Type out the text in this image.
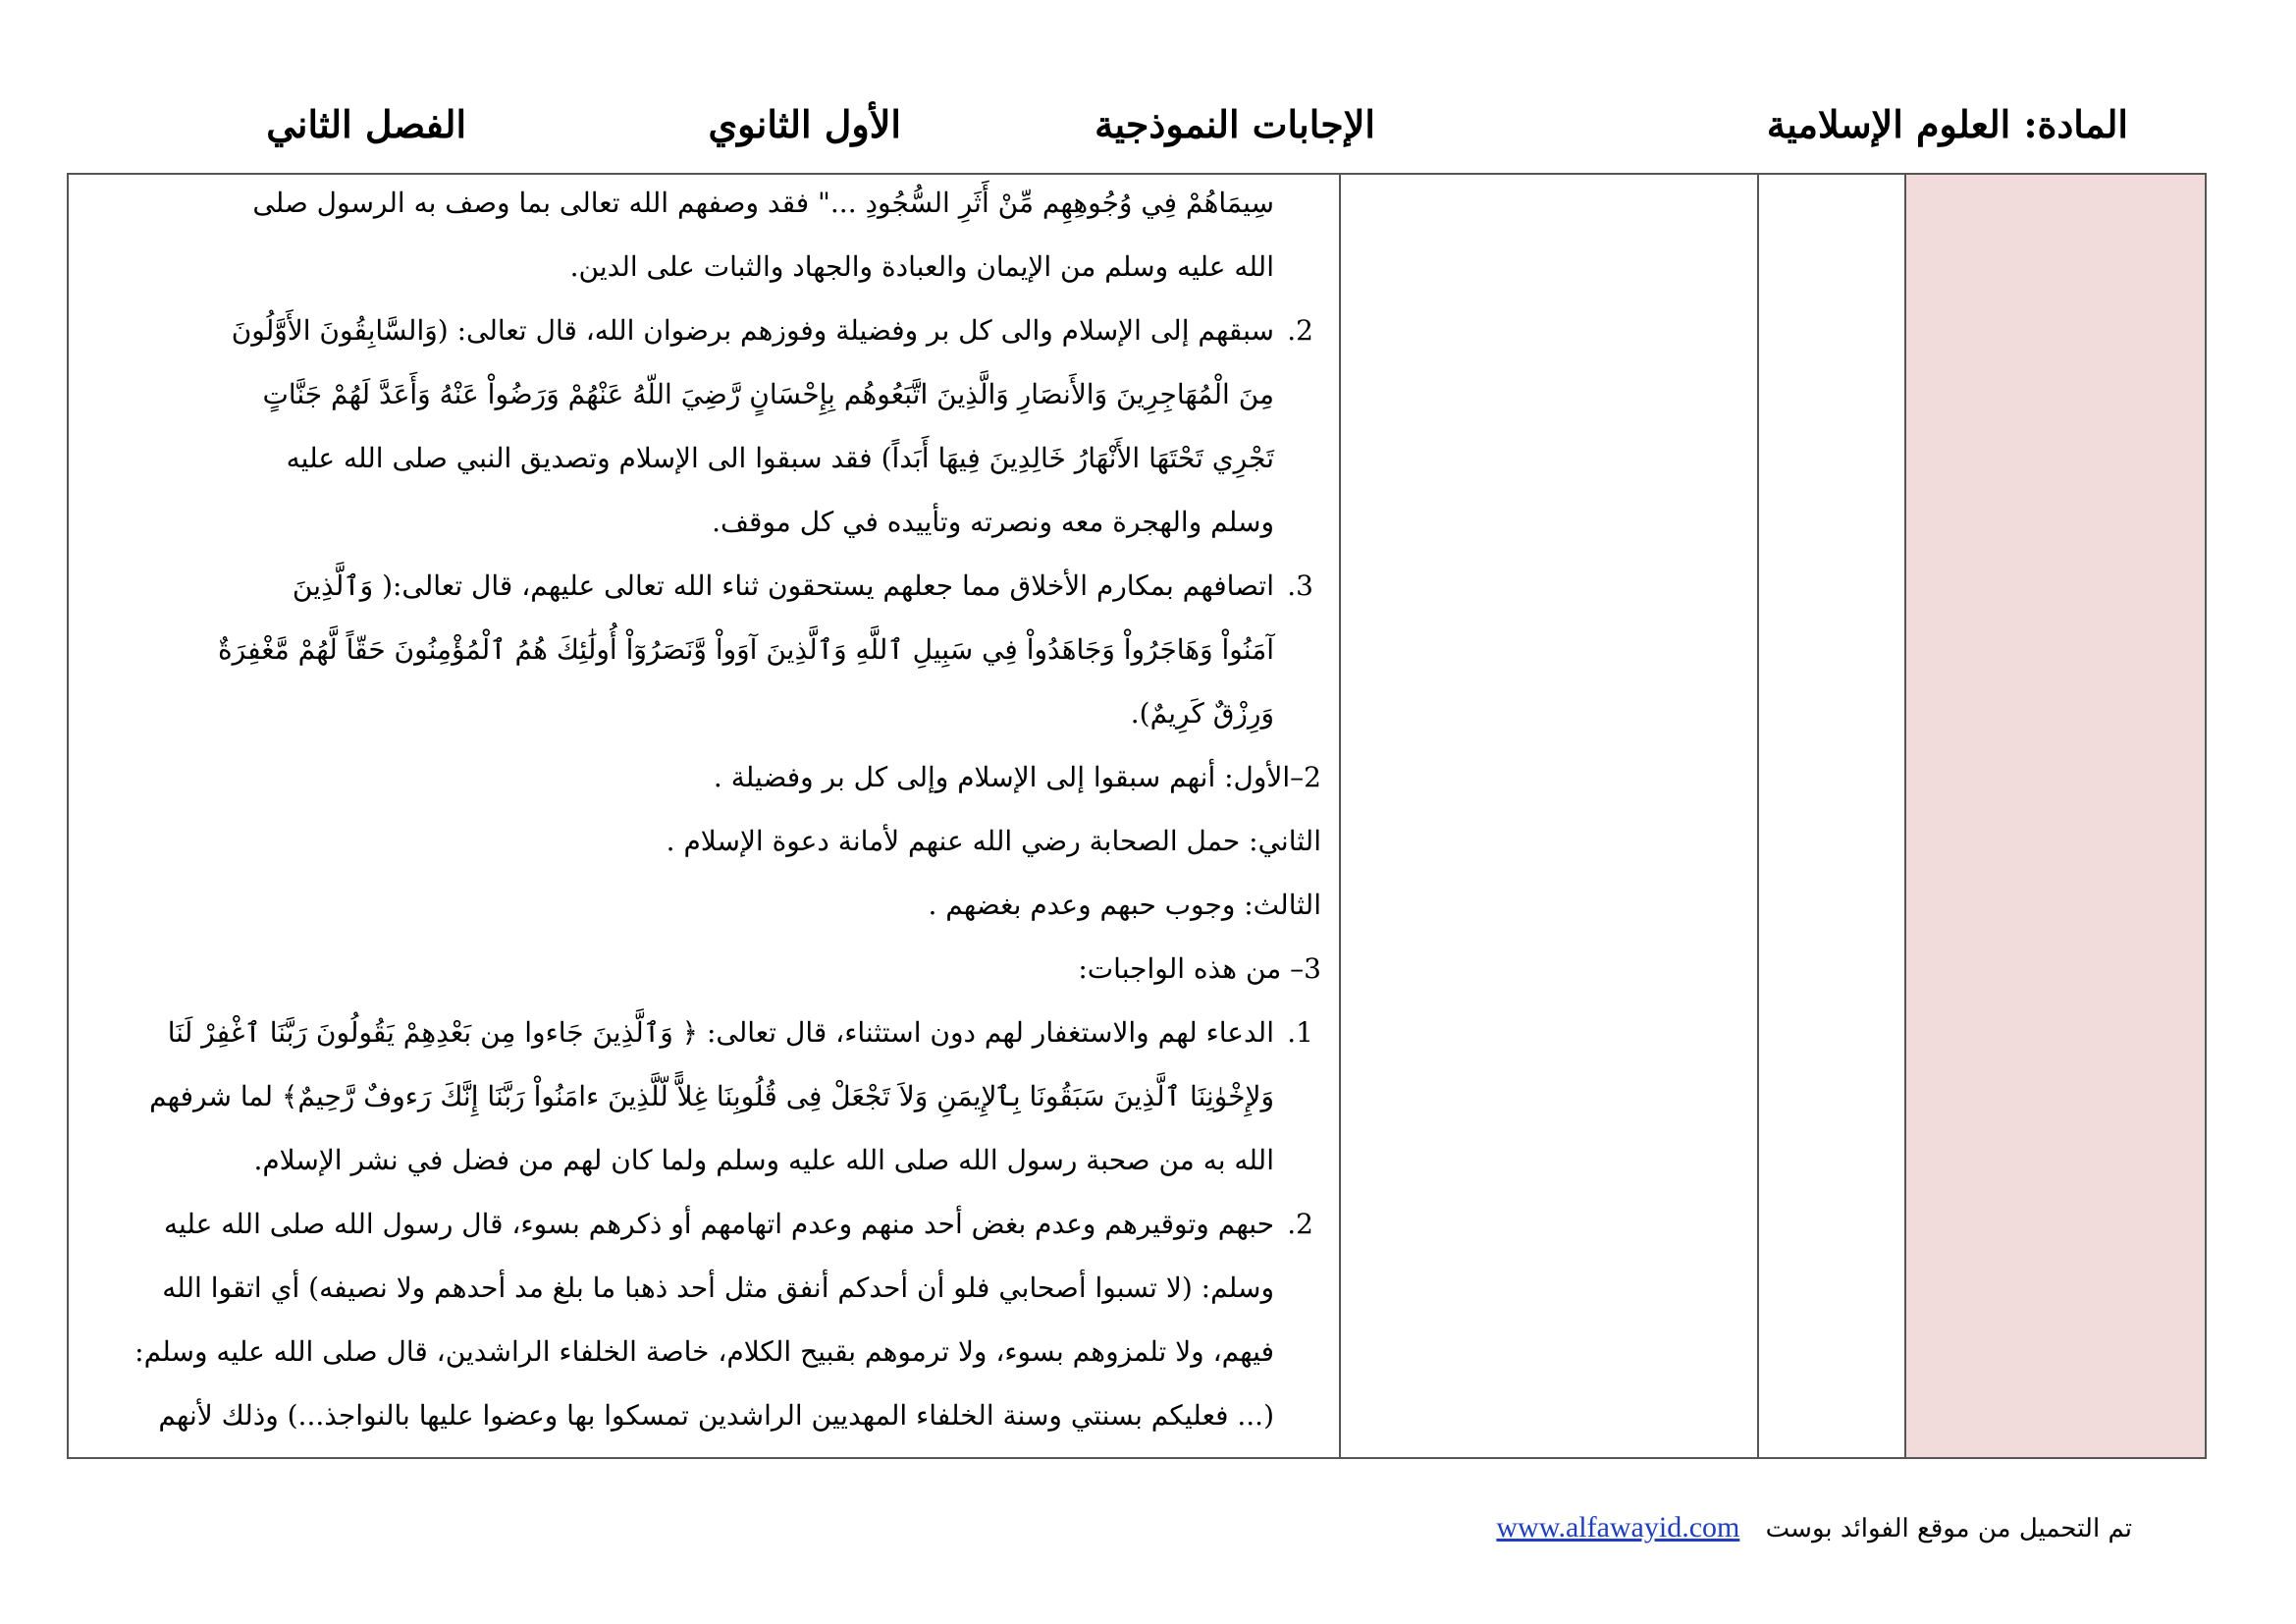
المادة: العلوم الإسلامية
الإجابات النموذجية
الأول الثانوي
الفصل الثاني

سِيمَاهُمْ فِي وُجُوهِهِم مِّنْ أَثَرِ السُّجُودِ ..." فقد وصفهم الله تعالى بما وصف به الرسول صلى

الله عليه وسلم من الإيمان والعبادة والجهاد والثبات على الدين.

2.سبقهم إلى الإسلام والى كل بر وفضيلة وفوزهم برضوان الله، قال تعالى: (وَالسَّابِقُونَ الأَوَّلُونَ

مِنَ الْمُهَاجِرِينَ وَالأَنصَارِ وَالَّذِينَ اتَّبَعُوهُم بِإِحْسَانٍ رَّضِيَ اللّهُ عَنْهُمْ وَرَضُواْ عَنْهُ وَأَعَدَّ لَهُمْ جَنَّاتٍ

تَجْرِي تَحْتَهَا الأَنْهَارُ خَالِدِينَ فِيهَا أَبَداً) فقد سبقوا الى الإسلام وتصديق النبي صلى الله عليه

وسلم والهجرة معه ونصرته وتأييده في كل موقف.

3.اتصافهم بمكارم الأخلاق مما جعلهم يستحقون ثناء الله تعالى عليهم، قال تعالى:( وَٱلَّذِينَ

آمَنُواْ وَهَاجَرُواْ وَجَاهَدُواْ فِي سَبِيلِ ٱللَّهِ وَٱلَّذِينَ آوَواْ وَّنَصَرُوٓاْ أُولَٰئِكَ هُمُ ٱلْمُؤْمِنُونَ حَقّاً لَّهُمْ مَّغْفِرَةٌ

وَرِزْقٌ كَرِيمٌ).

2–الأول: أنهم سبقوا إلى الإسلام وإلى كل بر وفضيلة .

الثاني: حمل الصحابة رضي الله عنهم لأمانة دعوة الإسلام .

الثالث: وجوب حبهم وعدم بغضهم .

3– من هذه الواجبات:

1.الدعاء لهم والاستغفار لهم دون استثناء، قال تعالى: ﴿ وَٱلَّذِينَ جَاءوا مِن بَعْدِهِمْ يَقُولُونَ رَبَّنَا ٱغْفِرْ لَنَا

وَلإِخْوٰنِنَا ٱلَّذِينَ سَبَقُونَا بِٱلإِيمَنِ وَلاَ تَجْعَلْ فِى قُلُوبِنَا غِلاًّ لّلَّذِينَ ءامَنُواْ رَبَّنَا إِنَّكَ رَءوفٌ رَّحِيمٌ﴾ لما شرفهم

الله به من صحبة رسول الله صلى الله عليه وسلم ولما كان لهم من فضل في نشر الإسلام.

2.حبهم وتوقيرهم وعدم بغض أحد منهم وعدم اتهامهم أو ذكرهم بسوء، قال رسول الله صلى الله عليه

وسلم: (لا تسبوا أصحابي فلو أن أحدكم أنفق مثل أحد ذهبا ما بلغ مد أحدهم ولا نصيفه) أي اتقوا الله

فيهم، ولا تلمزوهم بسوء، ولا ترموهم بقبيح الكلام، خاصة الخلفاء الراشدين، قال صلى الله عليه وسلم:

(... فعليكم بسنتي وسنة الخلفاء المهديين الراشدين تمسكوا بها وعضوا عليها بالنواجذ...) وذلك لأنهم

تم التحميل من موقع الفوائد بوست www.alfawayid.com
